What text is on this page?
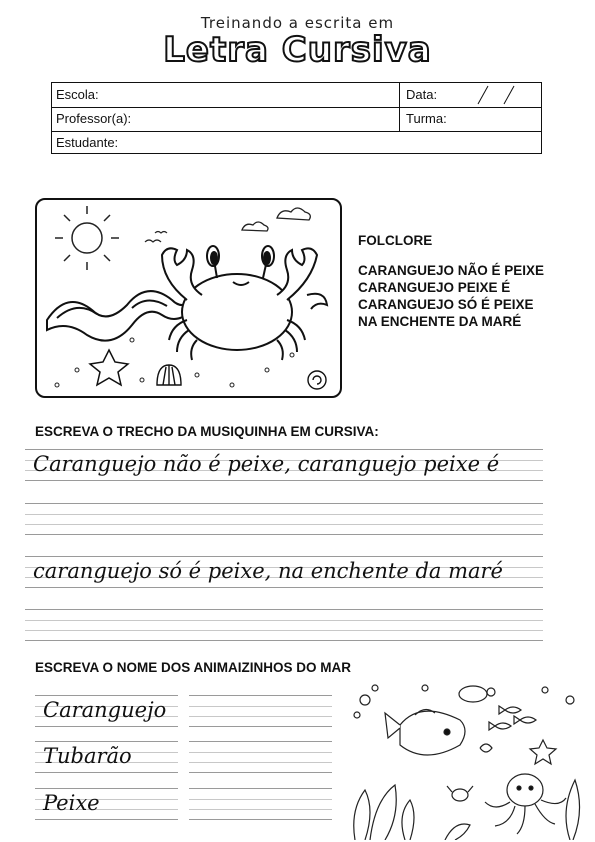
Treinando a escrita em
Letra Cursiva
Escola:	Data:
Professor(a):	Turma:
Estudante:
FOLCLORE
CARANGUEJO NÃO É PEIXE
CARANGUEJO PEIXE É
CARANGUEJO SÓ É PEIXE
NA ENCHENTE DA MARÉ
ESCREVA O TRECHO DA MUSIQUINHA EM CURSIVA:
Caranguejo não é peixe, caranguejo peixe é
caranguejo só é peixe, na enchente da maré
ESCREVA O NOME DOS ANIMAIZINHOS DO MAR
Caranguejo
Tubarão
Peixe
